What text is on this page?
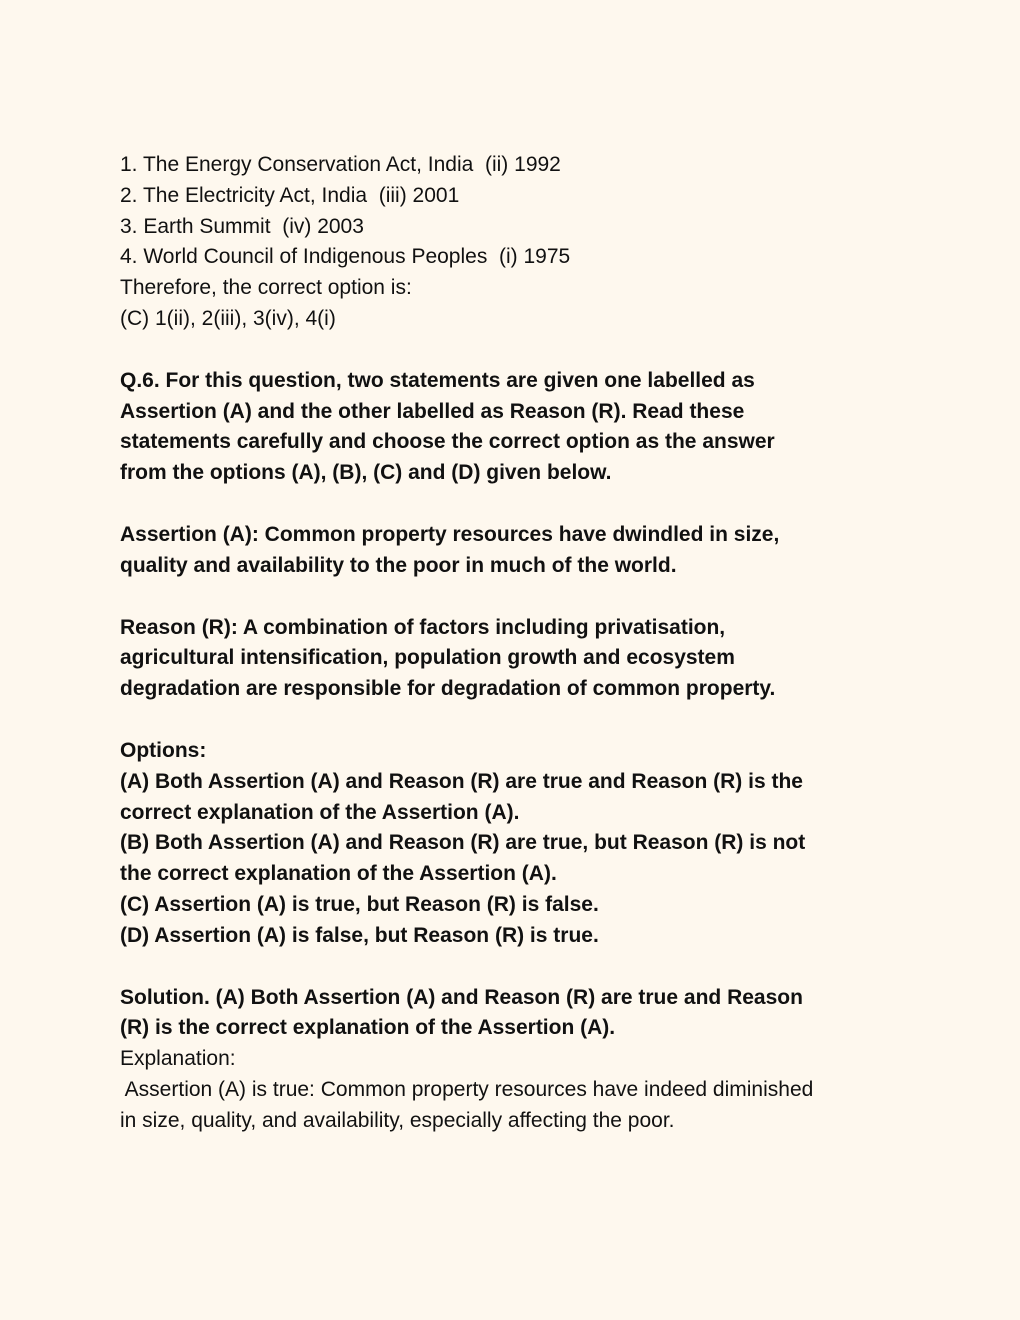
1. The Energy Conservation Act, India  (ii) 1992

2. The Electricity Act, India  (iii) 2001

3. Earth Summit  (iv) 2003

4. World Council of Indigenous Peoples  (i) 1975

Therefore, the correct option is:

(C) 1(ii), 2(iii), 3(iv), 4(i)

Q.6. For this question, two statements are given one labelled as

Assertion (A) and the other labelled as Reason (R). Read these

statements carefully and choose the correct option as the answer

from the options (A), (B), (C) and (D) given below.

Assertion (A): Common property resources have dwindled in size,

quality and availability to the poor in much of the world.

Reason (R): A combination of factors including privatisation,

agricultural intensification, population growth and ecosystem

degradation are responsible for degradation of common property.

Options:

(A) Both Assertion (A) and Reason (R) are true and Reason (R) is the

correct explanation of the Assertion (A).

(B) Both Assertion (A) and Reason (R) are true, but Reason (R) is not

the correct explanation of the Assertion (A).

(C) Assertion (A) is true, but Reason (R) is false.

(D) Assertion (A) is false, but Reason (R) is true.

Solution. (A) Both Assertion (A) and Reason (R) are true and Reason

(R) is the correct explanation of the Assertion (A).

Explanation:

Assertion (A) is true: Common property resources have indeed diminished

in size, quality, and availability, especially affecting the poor.
